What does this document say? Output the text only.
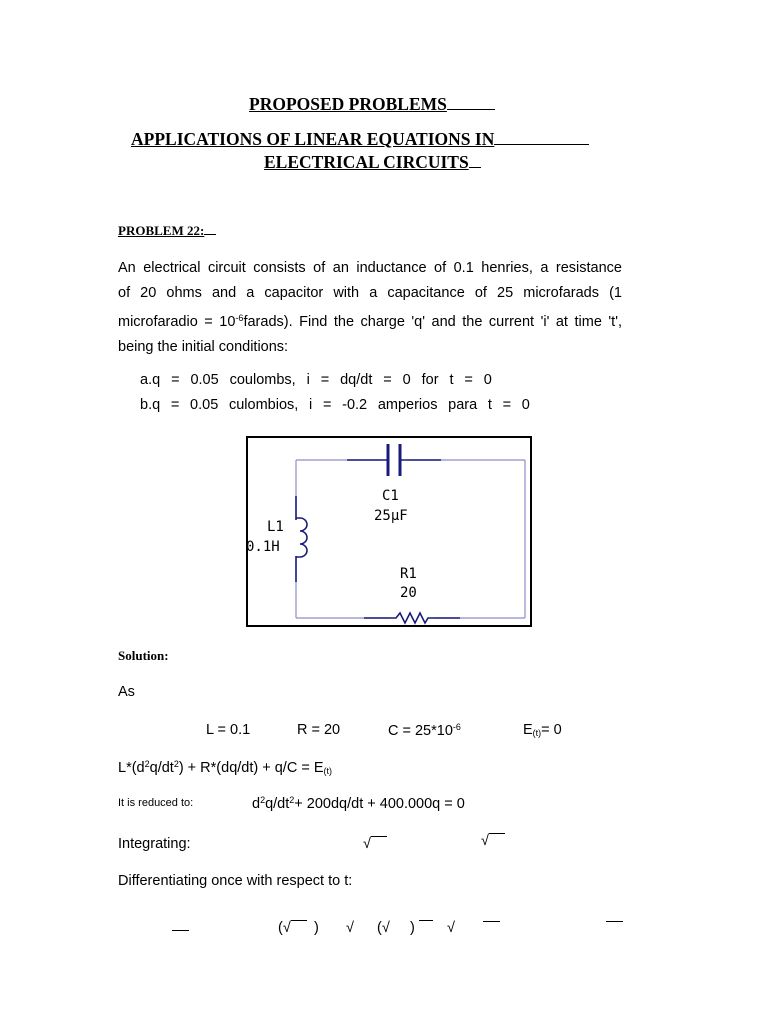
PROPOSED PROBLEMS
APPLICATIONS OF LINEAR EQUATIONS IN
ELECTRICAL CIRCUITS
PROBLEM 22:
An electrical circuit consists of an inductance of 0.1 henries, a resistance
of 20 ohms and a capacitor with a capacitance of 25 microfarads (1
microfaradio = $10^{-6}farads$). Find the charge 'q' and the current 'i' at time 't',
being the initial conditions:
a.q = 0.05 coulombs, i = dq/dt = 0 for t = 0
b.q = 0.05 culombios, i = -0.2 amperios para t = 0
C1
25µF
L1
0.1H
R1
20
Solution:
As
L = 0.1	R = 20	$C = 25*10^{-6}$	$E_{(t)}= 0$
$L*(d^2q/dt^2) + R*(dq/dt) + q/C = E_{(t)}$
It is reduced to:	$d^2q/dt^2+ 200dq/dt + 400.000q = 0$
Integrating:	√	√
Differentiating once with respect to t:
(√	) √ (√ )	√
